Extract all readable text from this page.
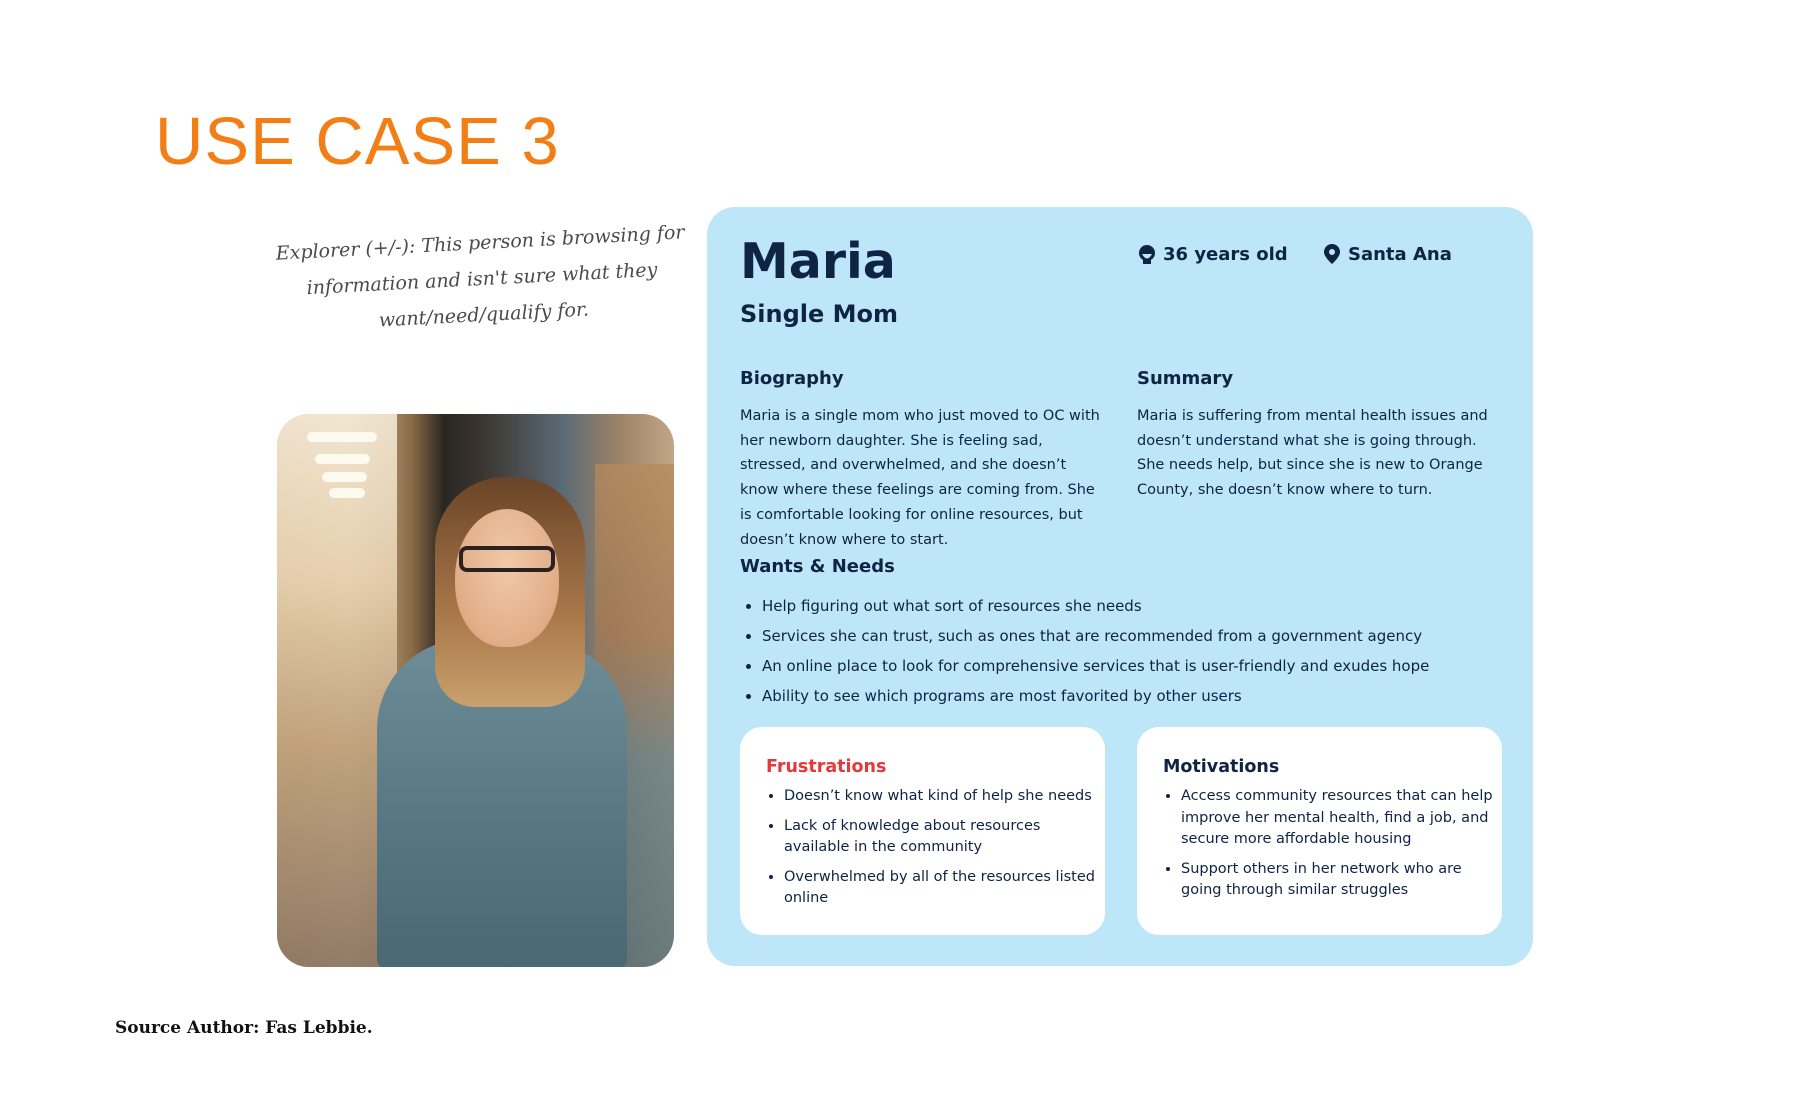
USE CASE 3
Explorer (+/-): This person is browsing for information and isn't sure what they want/need/qualify for.
Maria
Single Mom
36 years old	Santa Ana
Biography

Maria is a single mom who just moved to OC with her newborn daughter. She is feeling sad, stressed, and overwhelmed, and she doesn’t know where these feelings are coming from. She is comfortable looking for online resources, but doesn’t know where to start.

Summary

Maria is suffering from mental health issues and doesn’t understand what she is going through. She needs help, but since she is new to Orange County, she doesn’t know where to turn.

Wants & Needs
• Help figuring out what sort of resources she needs
• Services she can trust, such as ones that are recommended from a government agency
• An online place to look for comprehensive services that is user-friendly and exudes hope
• Ability to see which programs are most favorited by other users
Frustrations
• Doesn’t know what kind of help she needs
• Lack of knowledge about resources available in the community
• Overwhelmed by all of the resources listed online
Motivations
• Access community resources that can help improve her mental health, find a job, and secure more affordable housing
• Support others in her network who are going through similar struggles
Source Author: Fas Lebbie.
